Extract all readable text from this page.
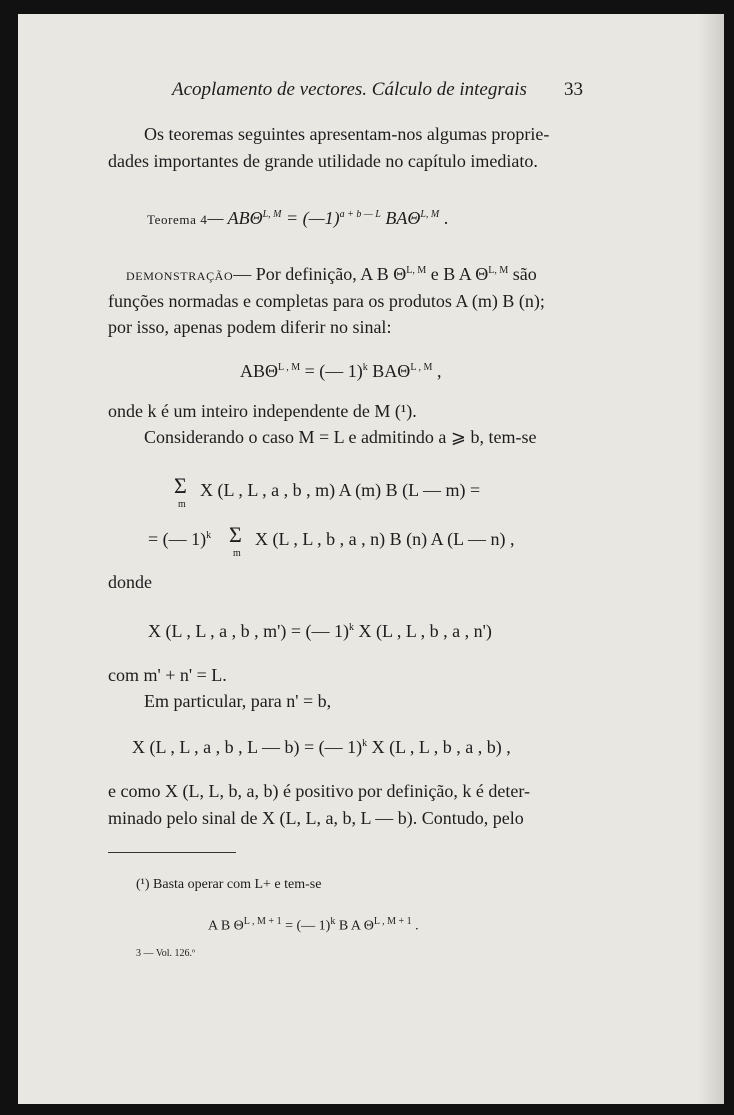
Acoplamento de vectores. Cálculo de integrais 33
Os teoremas seguintes apresentam-nos algumas proprie-
dades importantes de grande utilidade no capítulo imediato.
Teorema 4— $AB\Theta^{L, M}$ = (—1)$^{a + b — L}$ $BA\Theta^{L, M}$ .
DEMONSTRAÇÃO— Por definição, A B $\Theta^{L, M}$ e B A $\Theta^{L, M}$ são
funções normadas e completas para os produtos A (m) B (n);
por isso, apenas podem diferir no sinal:
$AB\Theta^{L , M}$ = (— 1)$^k$ $BA\Theta^{L , M}$ ,
onde k é um inteiro independente de M (¹).
Considerando o caso M = L e admitindo a ⩾ b, tem-se
Σ
m
X (L , L , a , b , m) A (m) B (L — m) =
= (— 1)$^k$ Σ
m
X (L , L , b , a , n) B (n) A (L — n) ,
donde
X (L , L , a , b , m') = (— 1)$^k$ X (L , L , b , a , n')
com m' + n' = L.
Em particular, para n' = b,
X (L , L , a , b , L — b) = (— 1)$^k$ X (L , L , b , a , b) ,
e como X (L, L, b, a, b) é positivo por definição, k é deter-
minado pelo sinal de X (L, L, a, b, L — b). Contudo, pelo
(¹) Basta operar com L+ e tem-se
A B $\Theta^{L , M + 1}$ = (— 1)$^k$ B A $\Theta^{L , M + 1}$ .
3 — Vol. 126.º
